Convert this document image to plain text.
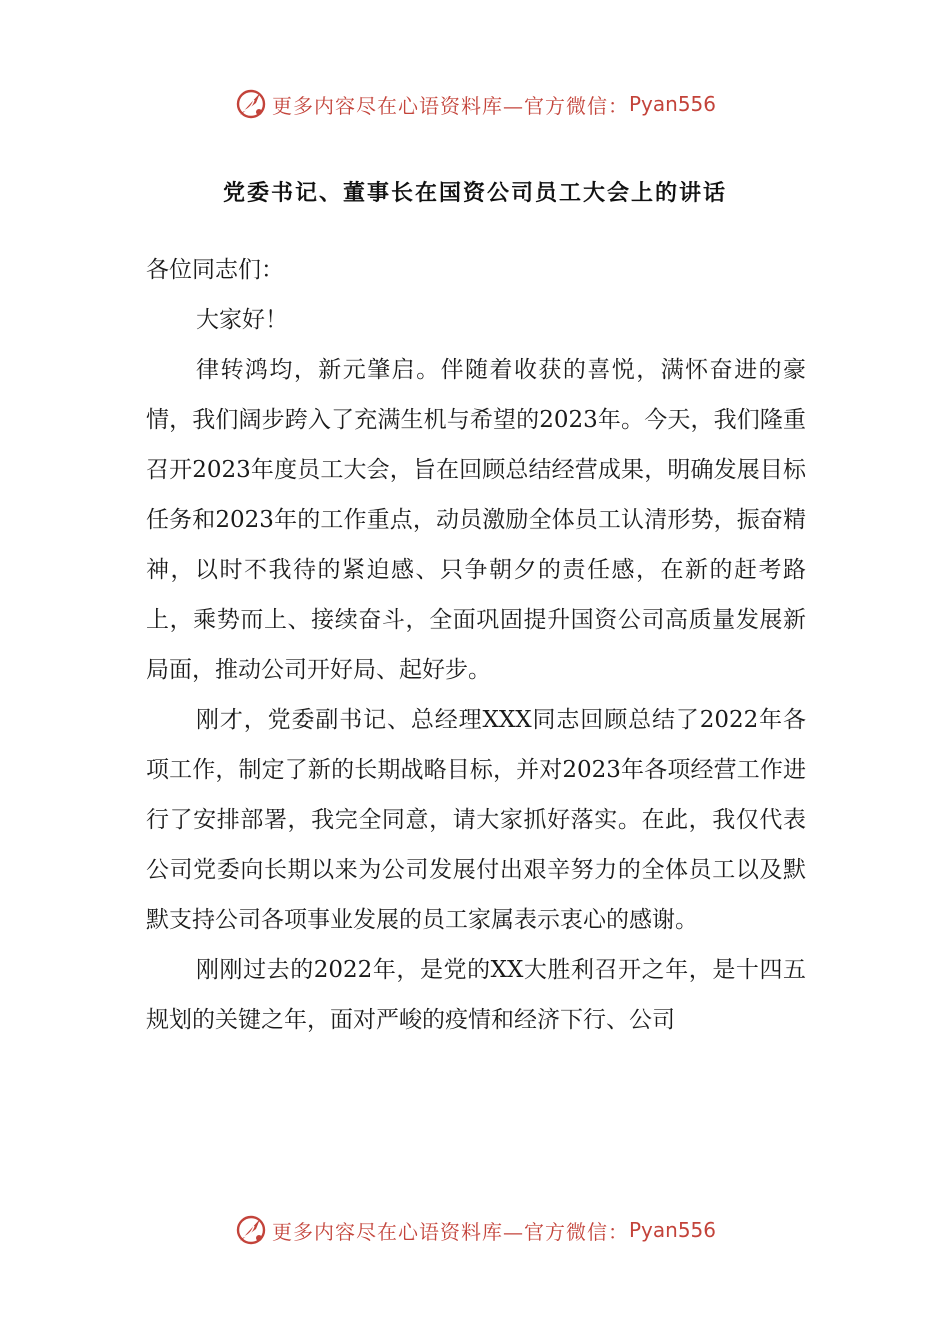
更多内容尽在心语资料库—官方微信： Pyan556
党委书记、董事长在国资公司员工大会上的讲话

各位同志们：

大家好！

律转鸿均，新元肇启。伴随着收获的喜悦，满怀奋进的豪情，我们阔步跨入了充满生机与希望的2023年。今天，我们隆重召开2023年度员工大会，旨在回顾总结经营成果，明确发展目标任务和2023年的工作重点，动员激励全体员工认清形势，振奋精神，以时不我待的紧迫感、只争朝夕的责任感，在新的赶考路上，乘势而上、接续奋斗，全面巩固提升国资公司高质量发展新局面，推动公司开好局、起好步。

刚才，党委副书记、总经理XXX同志回顾总结了2022年各项工作，制定了新的长期战略目标，并对2023年各项经营工作进行了安排部署，我完全同意，请大家抓好落实。在此，我仅代表公司党委向长期以来为公司发展付出艰辛努力的全体员工以及默默支持公司各项事业发展的员工家属表示衷心的感谢。

刚刚过去的2022年，是党的XX大胜利召开之年，是十四五规划的关键之年，面对严峻的疫情和经济下行、公司

更多内容尽在心语资料库—官方微信： Pyan556
